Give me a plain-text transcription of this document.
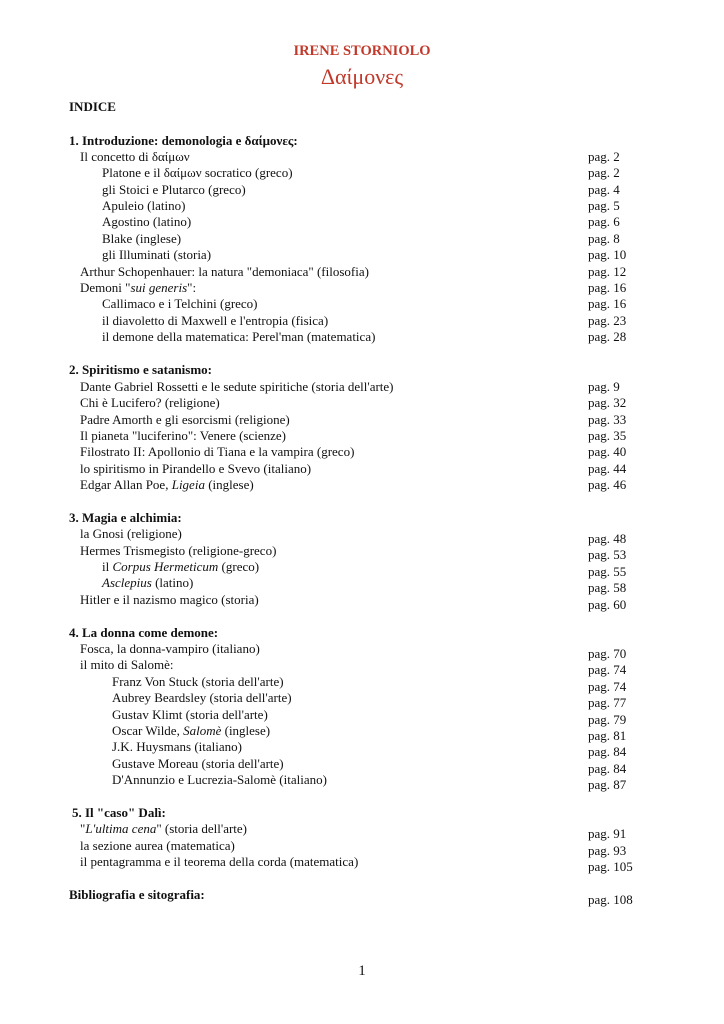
IRENE STORNIOLO
Δαίμονες
INDICE
1. Introduzione: demonologia e δαίμονες:
Il concetto di δαίμων	pag. 2
Platone e il δαίμων socratico (greco)	pag. 2
gli Stoici e Plutarco (greco)	pag. 4
Apuleio (latino)	pag. 5
Agostino (latino)	pag. 6
Blake (inglese)	pag. 8
gli Illuminati (storia)	pag. 10
Arthur Schopenhauer: la natura "demoniaca" (filosofia)	pag. 12
Demoni "sui generis":	pag. 16
Callimaco e i Telchini (greco)	pag. 16
il diavoletto di Maxwell e l'entropia (fisica)	pag. 23
il demone della matematica: Perel'man (matematica)	pag. 28
2. Spiritismo e satanismo:
Dante Gabriel Rossetti e le sedute spiritiche (storia dell'arte)	pag. 9
Chi è Lucifero? (religione)	pag. 32
Padre Amorth e gli esorcismi (religione)	pag. 33
Il pianeta "luciferino": Venere (scienze)	pag. 35
Filostrato II: Apollonio di Tiana e la vampira (greco)	pag. 40
lo spiritismo in Pirandello e Svevo (italiano)	pag. 44
Edgar Allan Poe, Ligeia (inglese)	pag. 46
3. Magia e alchimia:
la Gnosi (religione)	pag. 48
Hermes Trismegisto (religione-greco)	pag. 53
il Corpus Hermeticum (greco)	pag. 55
Asclepius (latino)	pag. 58
Hitler e il nazismo magico (storia)	pag. 60
4. La donna come demone:
Fosca, la donna-vampiro (italiano)	pag. 70
il mito di Salomè:	pag. 74
Franz Von Stuck (storia dell'arte)	pag. 74
Aubrey Beardsley (storia dell'arte)	pag. 77
Gustav Klimt (storia dell'arte)	pag. 79
Oscar Wilde, Salomè (inglese)	pag. 81
J.K. Huysmans (italiano)	pag. 84
Gustave Moreau (storia dell'arte)	pag. 84
D'Annunzio e Lucrezia-Salomè (italiano)	pag. 87
5. Il "caso" Dalì:
"L'ultima cena" (storia dell'arte)	pag. 91
la sezione aurea (matematica)	pag. 93
il pentagramma e il teorema della corda (matematica)	pag. 105
Bibliografia e sitografia:	pag. 108
1
